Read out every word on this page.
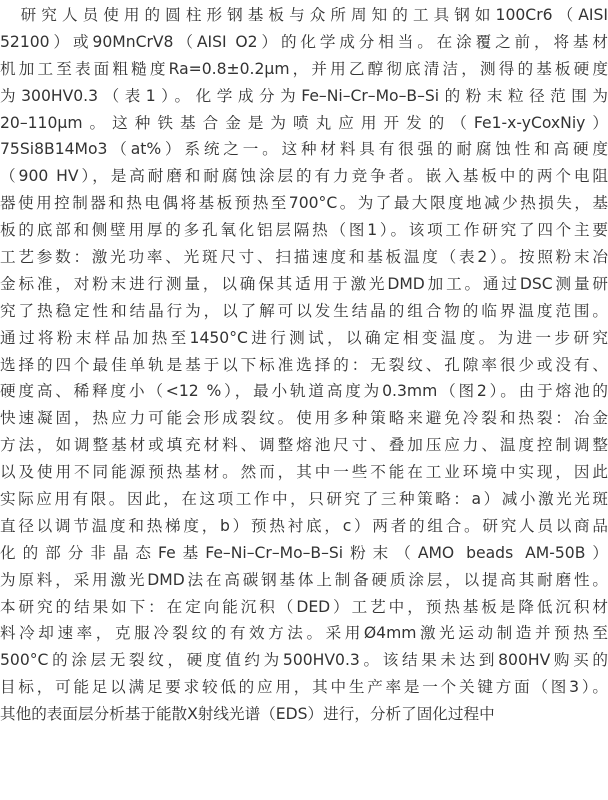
　研究人员使用的圆柱形钢基板与众所周知的工具钢如100Cr6（AISI
52100）或90MnCrV8（AISI O2）的化学成分相当。在涂覆之前，将基材
机加工至表面粗糙度Ra=0.8±0.2μm，并用乙醇彻底清洁，测得的基板硬度
为300HV0.3（表1）。化学成分为Fe–Ni–Cr–Mo–B–Si的粉末粒径范围为
20–110μm。这种铁基合金是为喷丸应用开发的（Fe1-x-yCoxNiy）
75Si8B14Mo3（at%）系统之一。这种材料具有很强的耐腐蚀性和高硬度
（900 HV），是高耐磨和耐腐蚀涂层的有力竞争者。嵌入基板中的两个电阻
器使用控制器和热电偶将基板预热至700°C。为了最大限度地减少热损失，基
板的底部和侧壁用厚的多孔氧化铝层隔热（图1）。该项工作研究了四个主要
工艺参数：激光功率、光斑尺寸、扫描速度和基板温度（表2）。按照粉末冶
金标准，对粉末进行测量，以确保其适用于激光DMD加工。通过DSC测量研
究了热稳定性和结晶行为，以了解可以发生结晶的组合物的临界温度范围。
通过将粉末样品加热至1450°C进行测试，以确定相变温度。为进一步研究
选择的四个最佳单轨是基于以下标准选择的：无裂纹、孔隙率很少或没有、
硬度高、稀释度小（<12 %），最小轨道高度为0.3mm（图2）。由于熔池的
快速凝固，热应力可能会形成裂纹。使用多种策略来避免冷裂和热裂：冶金
方法，如调整基材或填充材料、调整熔池尺寸、叠加压应力、温度控制调整
以及使用不同能源预热基材。然而，其中一些不能在工业环境中实现，因此
实际应用有限。因此，在这项工作中，只研究了三种策略：a）减小激光光斑
直径以调节温度和热梯度，b）预热衬底，c）两者的组合。研究人员以商品
化的部分非晶态Fe基Fe–Ni–Cr–Mo–B–Si粉末（AMO beads AM-50B）
为原料，采用激光DMD法在高碳钢基体上制备硬质涂层，以提高其耐磨性。
本研究的结果如下：在定向能沉积（DED）工艺中，预热基板是降低沉积材
料冷却速率，克服冷裂纹的有效方法。采用Ø4mm激光运动制造并预热至
500°C的涂层无裂纹，硬度值约为500HV0.3。该结果未达到800HV购买的
目标，可能足以满足要求较低的应用，其中生产率是一个关键方面（图3）。
其他的表面层分析基于能散X射线光谱（EDS）进行，分析了固化过程中
